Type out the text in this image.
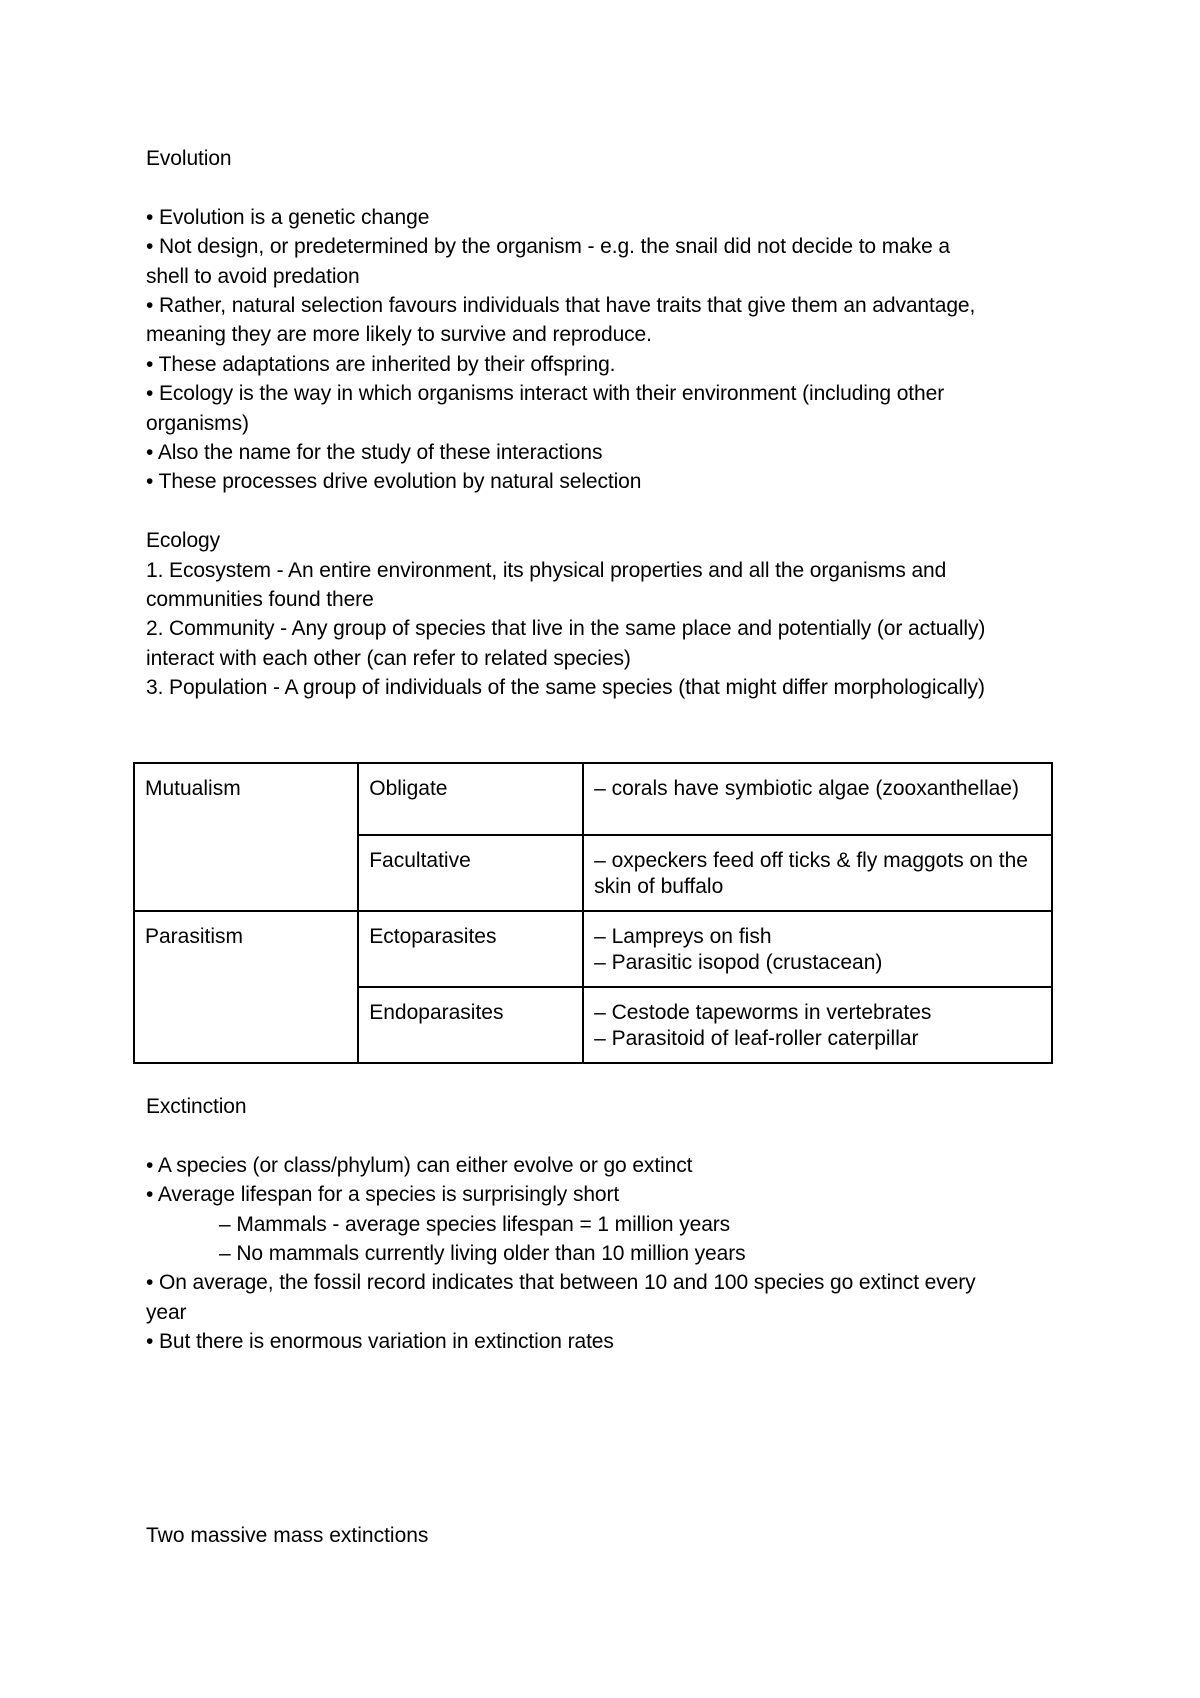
Evolution

• Evolution is a genetic change

• Not design, or predetermined by the organism - e.g. the snail did not decide to make a

shell to avoid predation

• Rather, natural selection favours individuals that have traits that give them an advantage,

meaning they are more likely to survive and reproduce.

• These adaptations are inherited by their offspring.

• Ecology is the way in which organisms interact with their environment (including other

organisms)

• Also the name for the study of these interactions

• These processes drive evolution by natural selection

Ecology

1. Ecosystem - An entire environment, its physical properties and all the organisms and

communities found there

2. Community - Any group of species that live in the same place and potentially (or actually)

interact with each other (can refer to related species)

3. Population - A group of individuals of the same species (that might differ morphologically)

Mutualism	Obligate	– corals have symbiotic algae (zooxanthellae)

	Facultative	– oxpeckers feed off ticks & fly maggots on the skin of buffalo

Parasitism	Ectoparasites	– Lampreys on fish
– Parasitic isopod (crustacean)

	Endoparasites	– Cestode tapeworms in vertebrates
– Parasitoid of leaf-roller caterpillar

Exctinction

• A species (or class/phylum) can either evolve or go extinct

• Average lifespan for a species is surprisingly short

– Mammals - average species lifespan = 1 million years

– No mammals currently living older than 10 million years

• On average, the fossil record indicates that between 10 and 100 species go extinct every

year

• But there is enormous variation in extinction rates

Two massive mass extinctions
